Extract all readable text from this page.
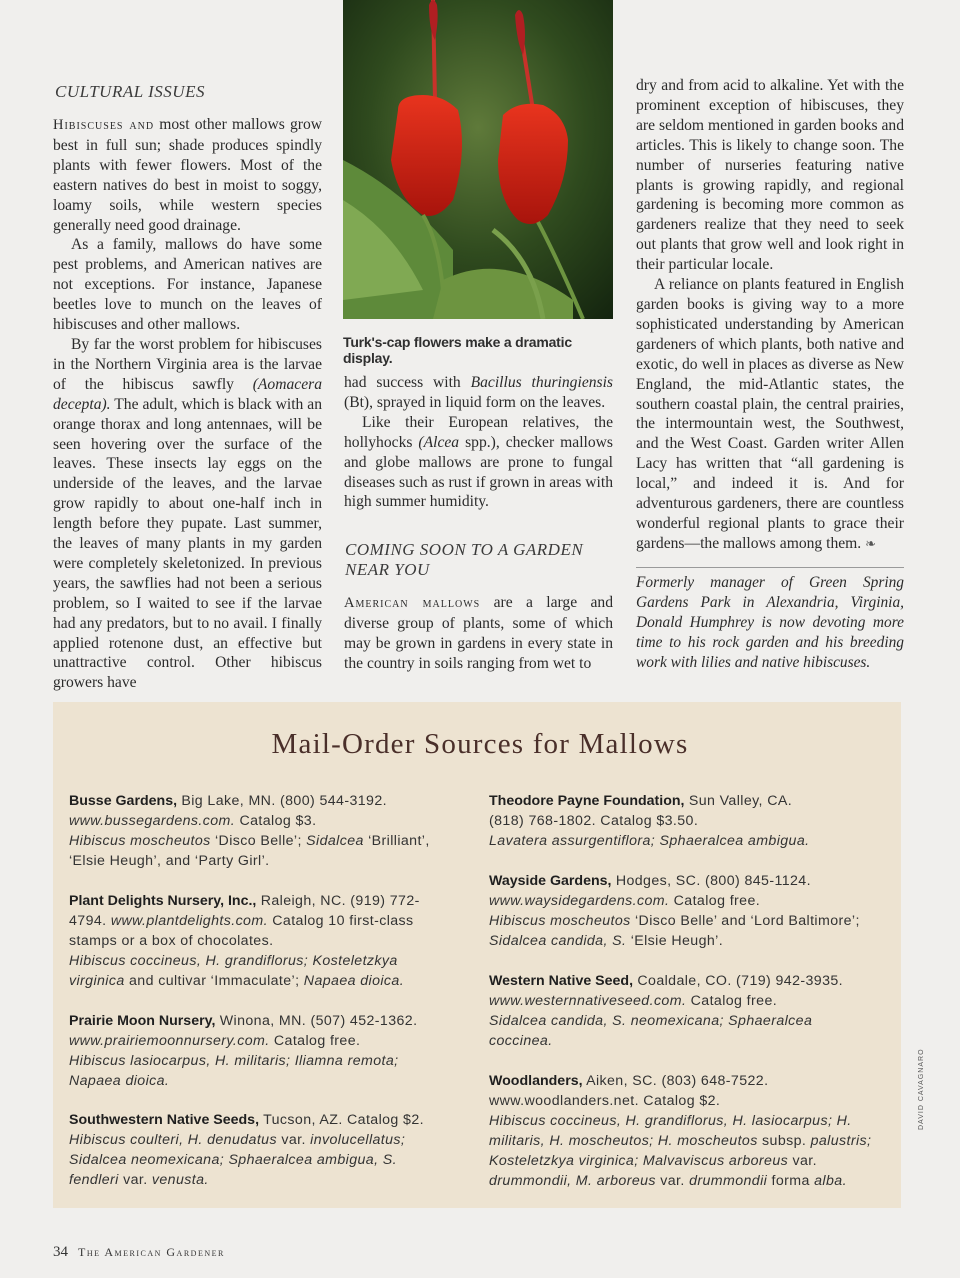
CULTURAL ISSUES

Hibiscuses and most other mallows grow best in full sun; shade produces spindly plants with fewer flowers. Most of the eastern natives do best in moist to soggy, loamy soils, while western species generally need good drainage.

As a family, mallows do have some pest problems, and American natives are not exceptions. For instance, Japanese beetles love to munch on the leaves of hibiscuses and other mallows.

By far the worst problem for hibiscuses in the Northern Virginia area is the larvae of the hibiscus sawfly (Aomacera decepta). The adult, which is black with an orange thorax and long antennaes, will be seen hovering over the surface of the leaves. These insects lay eggs on the underside of the leaves, and the larvae grow rapidly to about one-half inch in length before they pupate. Last summer, the leaves of many plants in my garden were completely skeletonized. In previous years, the sawflies had not been a serious problem, so I waited to see if the larvae had any predators, but to no avail. I finally applied rotenone dust, an effective but unattractive control. Other hibiscus growers have

Turk's-cap flowers make a dramatic display.

had success with Bacillus thuringiensis (Bt), sprayed in liquid form on the leaves.

Like their European relatives, the hollyhocks (Alcea spp.), checker mallows and globe mallows are prone to fungal diseases such as rust if grown in areas with high summer humidity.

COMING SOON TO A GARDEN NEAR YOU

American mallows are a large and diverse group of plants, some of which may be grown in gardens in every state in the country in soils ranging from wet to

dry and from acid to alkaline. Yet with the prominent exception of hibiscuses, they are seldom mentioned in garden books and articles. This is likely to change soon. The number of nurseries featuring native plants is growing rapidly, and regional gardening is becoming more common as gardeners realize that they need to seek out plants that grow well and look right in their particular locale.

A reliance on plants featured in English garden books is giving way to a more sophisticated understanding by American gardeners of which plants, both native and exotic, do well in places as diverse as New England, the mid-Atlantic states, the southern coastal plain, the central prairies, the intermountain west, the Southwest, and the West Coast. Garden writer Allen Lacy has written that “all gardening is local,” and indeed it is. And for adventurous gardeners, there are countless wonderful regional plants to grace their gardens—the mallows among them. ❧

Formerly manager of Green Spring Gardens Park in Alexandria, Virginia, Donald Humphrey is now devoting more time to his rock garden and his breeding work with lilies and native hibiscuses.
Mail-Order Sources for Mallows
Busse Gardens, Big Lake, MN. (800) 544-3192.
www.bussegardens.com. Catalog $3.
Hibiscus moscheutos ‘Disco Belle’; Sidalcea ‘Brilliant’, ‘Elsie Heugh’, and ‘Party Girl’.
Plant Delights Nursery, Inc., Raleigh, NC. (919) 772-4794. www.plantdelights.com. Catalog 10 first-class stamps or a box of chocolates.
Hibiscus coccineus, H. grandiflorus; Kosteletzkya virginica and cultivar ‘Immaculate’; Napaea dioica.
Prairie Moon Nursery, Winona, MN. (507) 452-1362.
www.prairiemoonnursery.com. Catalog free.
Hibiscus lasiocarpus, H. militaris; Iliamna remota; Napaea dioica.
Southwestern Native Seeds, Tucson, AZ. Catalog $2.
Hibiscus coulteri, H. denudatus var. involucellatus; Sidalcea neomexicana; Sphaeralcea ambigua, S. fendleri var. venusta.
Theodore Payne Foundation, Sun Valley, CA.
(818) 768-1802. Catalog $3.50.
Lavatera assurgentiflora; Sphaeralcea ambigua.
Wayside Gardens, Hodges, SC. (800) 845-1124.
www.waysidegardens.com. Catalog free.
Hibiscus moscheutos ‘Disco Belle’ and ‘Lord Baltimore’; Sidalcea candida, S. ‘Elsie Heugh’.
Western Native Seed, Coaldale, CO. (719) 942-3935.
www.westernnativeseed.com. Catalog free.
Sidalcea candida, S. neomexicana; Sphaeralcea coccinea.
Woodlanders, Aiken, SC. (803) 648-7522.
www.woodlanders.net. Catalog $2.
Hibiscus coccineus, H. grandiflorus, H. lasiocarpus; H. militaris, H. moscheutos; H. moscheutos subsp. palustris; Kosteletzkya virginica; Malvaviscus arboreus var. drummondii, M. arboreus var. drummondii forma alba.
34 The American Gardener
DAVID CAVAGNARO
